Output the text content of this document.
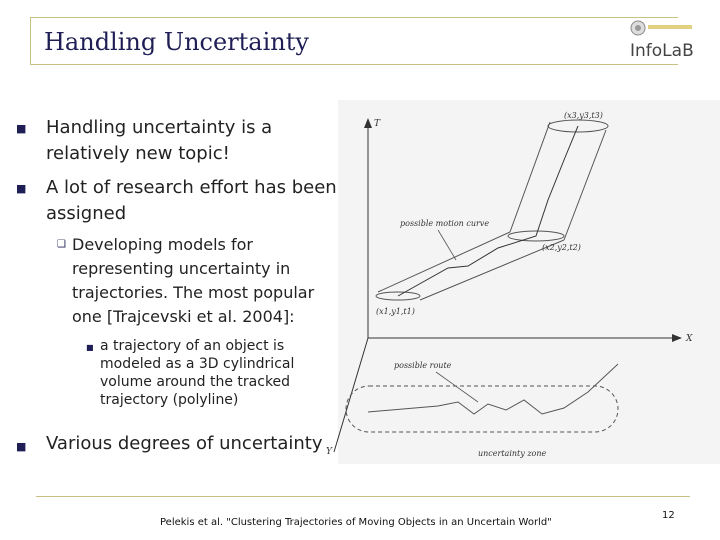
Handling Uncertainty	InfoLaB
■ Handling uncertainty is a
relatively new topic!
■ A lot of research effort has been
assigned
❑ Developing models for
representing uncertainty in
trajectories. The most popular
one [Trajcevski et al. 2004]:
■ a trajectory of an object is
modeled as a 3D cylindrical
volume around the tracked
trajectory (polyline)
■ Various degrees of uncertainty
T
X
Y
(x3,y3,t3)
(x2,y2,t2)
(x1,y1,t1)
possible motion curve
possible route
uncertainty zone
Pelekis et al. "Clustering Trajectories of Moving Objects in an Uncertain World"
12
